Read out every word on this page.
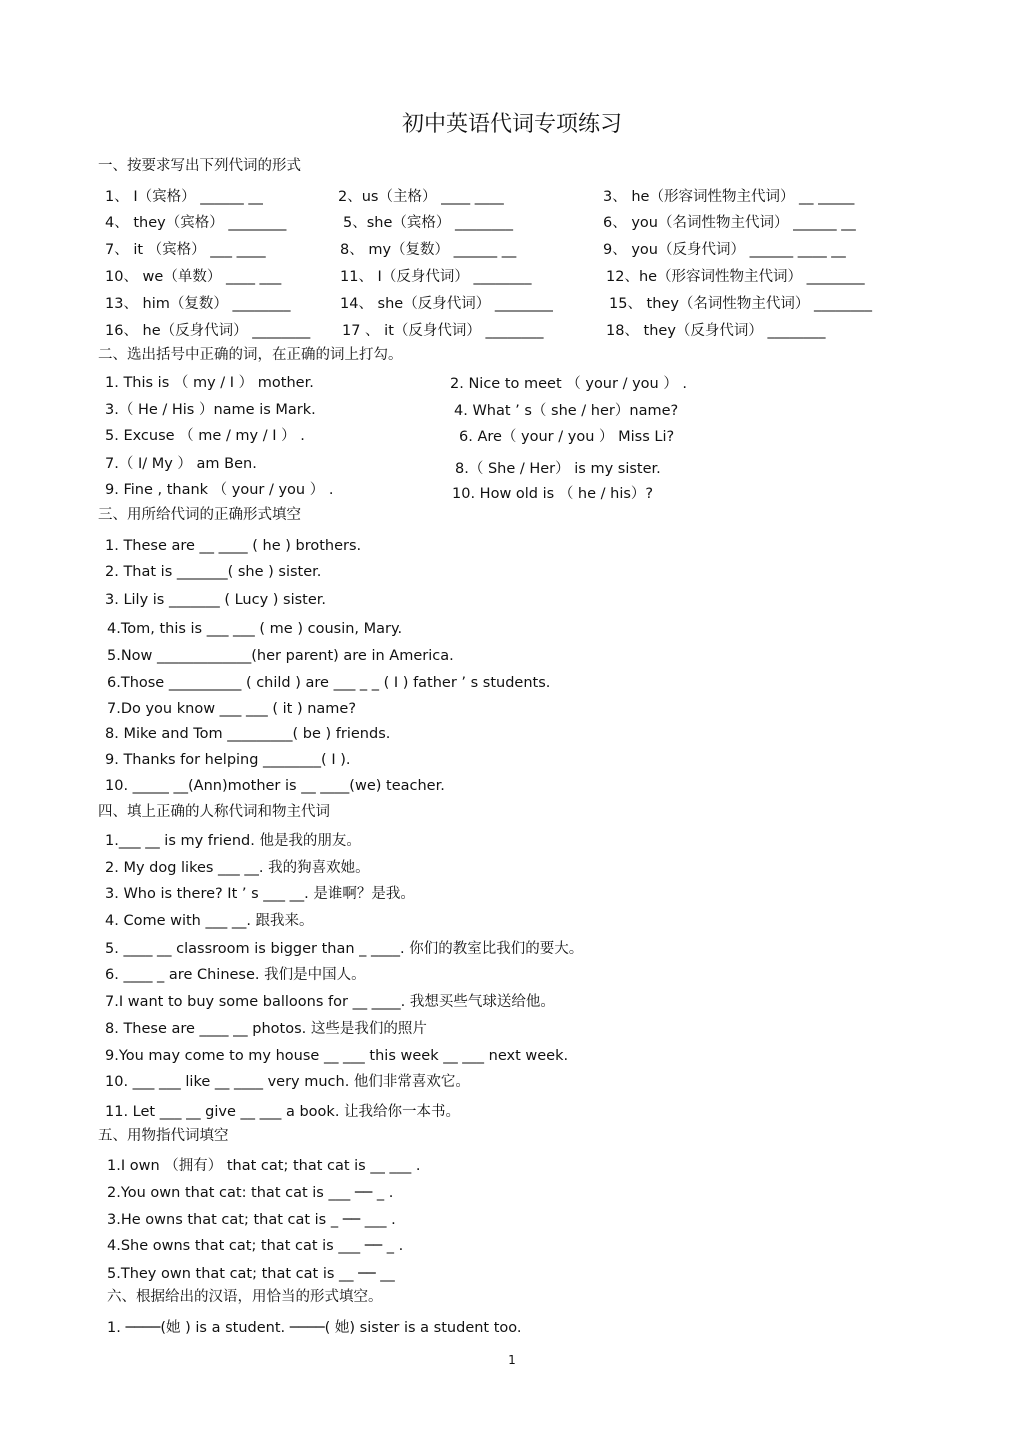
初中英语代词专项练习
一、按要求写出下列代词的形式
1、 I（宾格） ______ __	2、us（主格） ____ ____	3、 he（形容词性物主代词） __ _____
4、 they（宾格） ________	5、she（宾格） ________	6、 you（名词性物主代词） ______ __
7、 it （宾格） ___ ____	8、 my（复数） ______ __	9、 you（反身代词） ______ ____ __
10、 we（单数） ____ ___	11、 I（反身代词） ________	12、he（形容词性物主代词） ________
13、 him（复数） ________	14、 she（反身代词） ________	15、 they（名词性物主代词） ________
16、 he（反身代词） ________ 17 、 it（反身代词） ________	18、 they（反身代词） ________
二、选出括号中正确的词，在正确的词上打勾。
1. This is （ my / I ） mother.	2. Nice to meet （ your / you ） .
3.（ He / His ）name is Mark.	4. What ’ s（ she / her）name?
5. Excuse （ me / my / I ） .	6. Are（ your / you ） Miss Li?
7.（ I/ My ） am Ben.	8.（ She / Her） is my sister.
9. Fine , thank （ your / you ） .	10. How old is （ he / his）?
三、用所给代词的正确形式填空
1. These are __ ____ ( he ) brothers.
2. That is _______( she ) sister.
3. Lily is _______ ( Lucy ) sister.
4.Tom, this is ___ ___ ( me ) cousin, Mary.
5.Now _____________(her parent) are in America.
6.Those __________ ( child ) are ___ _ _ ( I ) father ’ s students.
7.Do you know ___ ___ ( it ) name?
8. Mike and Tom _________( be ) friends.
9. Thanks for helping ________( I ).
10. _____ __(Ann)mother is __ ____(we) teacher.
四、填上正确的人称代词和物主代词
1.___ __ is my friend. 他是我的朋友。
2. My dog likes ___ __. 我的狗喜欢她。
3. Who is there? It ’ s ___ __. 是谁啊？是我。
4. Come with ___ __. 跟我来。
5. ____ __ classroom is bigger than _ ____. 你们的教室比我们的要大。
6. ____ _ are Chinese. 我们是中国人。
7.I want to buy some balloons for __ ____. 我想买些气球送给他。
8. These are ____ __ photos. 这些是我们的照片
9.You may come to my house __ ___ this week __ ___ next week.
10. ___ ___ like __ ____ very much. 他们非常喜欢它。
11. Let ___ __ give __ ___ a book. 让我给你一本书。
五、用物指代词填空
1.I own （拥有） that cat; that cat is __ ___ .
2.You own that cat: that cat is ___ ── _ .
3.He owns that cat; that cat is _ ── ___ .
4.She owns that cat; that cat is ___ ── _ .
5.They own that cat; that cat is __ ── __
六、根据给出的汉语，用恰当的形式填空。
1. ────(她 ) is a student. ────( 她) sister is a student too.
1
